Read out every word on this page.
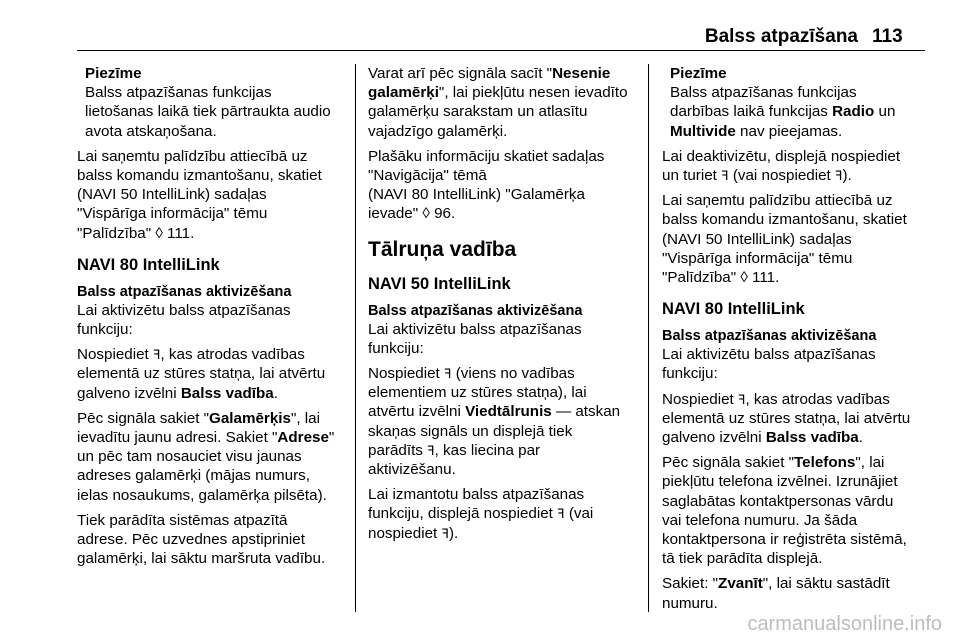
Balss atpazīšana 113
Piezīme
Balss atpazīšanas funkcijas
lietošanas laikā tiek pārtraukta audio
avota atskaņošana.

Lai saņemtu palīdzību attiecībā uz
balss komandu izmantošanu, skatiet
(NAVI 50 IntelliLink) sadaļas
"Vispārīga informācija" tēmu
"Palīdzība" ◊ 111.

NAVI 80 IntelliLink
Balss atpazīšanas aktivizēšana

Lai aktivizētu balss atpazīšanas
funkciju:

Nospiediet ꟻ, kas atrodas vadības
elementā uz stūres statņa, lai atvērtu
galveno izvēlni Balss vadība.

Pēc signāla sakiet "Galamērķis", lai
ievadītu jaunu adresi. Sakiet "Adrese"
un pēc tam nosauciet visu jaunas
adreses galamērķi (mājas numurs,
ielas nosaukums, galamērķa pilsēta).

Tiek parādīta sistēmas atpazītā
adrese. Pēc uzvednes apstipriniet
galamērķi, lai sāktu maršruta vadību.

Varat arī pēc signāla sacīt "Nesenie
galamērķi", lai piekļūtu nesen ievadīto
galamērķu sarakstam un atlasītu
vajadzīgo galamērķi.

Plašāku informāciju skatiet sadaļas
"Navigācija" tēmā
(NAVI 80 IntelliLink) "Galamērķa
ievade" ◊ 96.

Tālruņa vadība
NAVI 50 IntelliLink
Balss atpazīšanas aktivizēšana

Lai aktivizētu balss atpazīšanas
funkciju:

Nospiediet ꟻ (viens no vadības
elementiem uz stūres statņa), lai
atvērtu izvēlni Viedtālrunis — atskan
skaņas signāls un displejā tiek
parādīts ꟻ, kas liecina par
aktivizēšanu.

Lai izmantotu balss atpazīšanas
funkciju, displejā nospiediet ꟻ (vai
nospiediet ꟻ).

Piezīme
Balss atpazīšanas funkcijas
darbības laikā funkcijas Radio un
Multivide nav pieejamas.

Lai deaktivizētu, displejā nospiediet
un turiet ꟻ (vai nospiediet ꟻ).

Lai saņemtu palīdzību attiecībā uz
balss komandu izmantošanu, skatiet
(NAVI 50 IntelliLink) sadaļas
"Vispārīga informācija" tēmu
"Palīdzība" ◊ 111.

NAVI 80 IntelliLink
Balss atpazīšanas aktivizēšana

Lai aktivizētu balss atpazīšanas
funkciju:

Nospiediet ꟻ, kas atrodas vadības
elementā uz stūres statņa, lai atvērtu
galveno izvēlni Balss vadība.

Pēc signāla sakiet "Telefons", lai
piekļūtu telefona izvēlnei. Izrunājiet
saglabātas kontaktpersonas vārdu
vai telefona numuru. Ja šāda
kontaktpersona ir reģistrēta sistēmā,
tā tiek parādīta displejā.

Sakiet: "Zvanīt", lai sāktu sastādīt
numuru.

carmanualsonline.info
